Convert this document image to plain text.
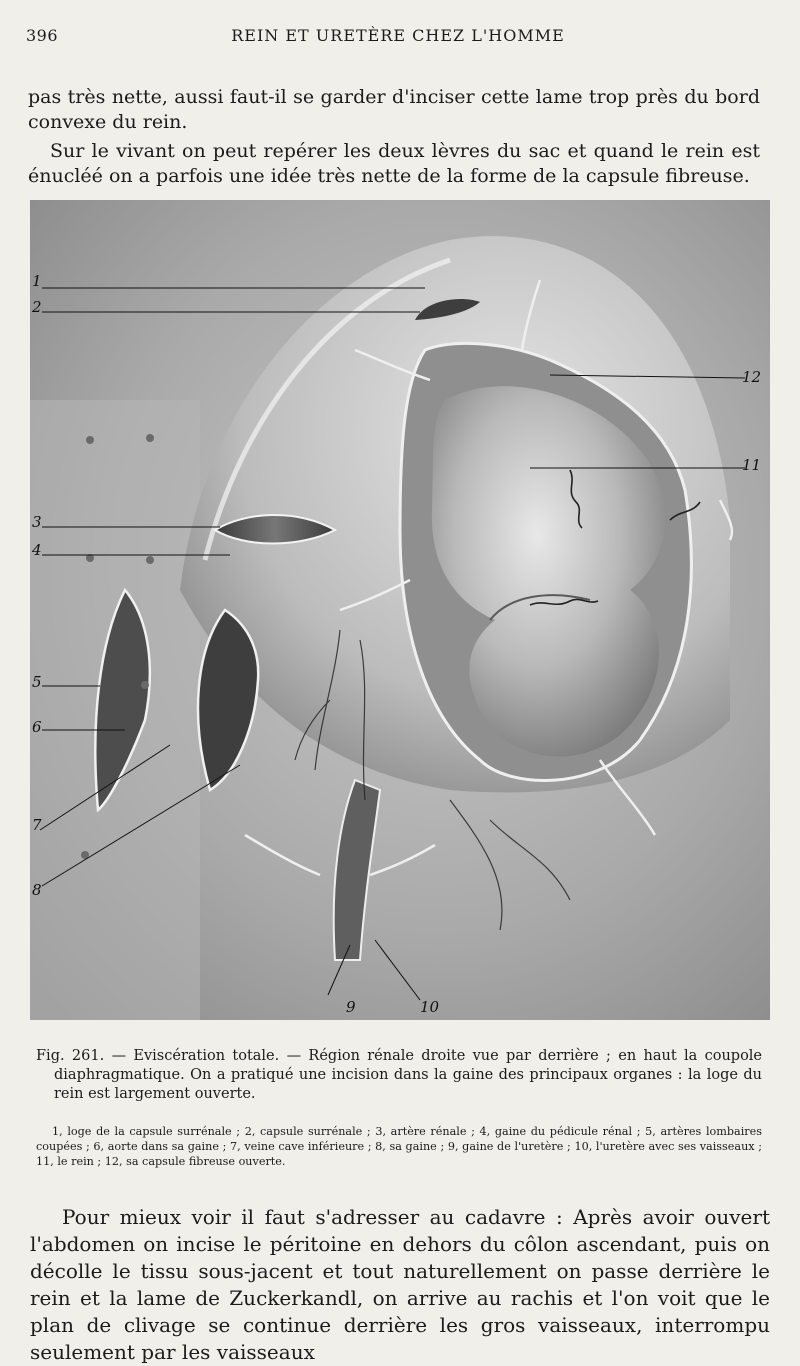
396	REIN ET URETÈRE CHEZ L'HOMME

pas très nette, aussi faut-il se garder d'inciser cette lame trop près du bord convexe du rein.

Sur le vivant on peut repérer les deux lèvres du sac et quand le rein est énucléé on a parfois une idée très nette de la forme de la capsule fibreuse.

1
2
3
4
5
6
7
8
9	10
11
12
Fig. 261. — Eviscération totale. — Région rénale droite vue par derrière ; en haut la coupole diaphragmatique. On a pratiqué une incision dans la gaine des principaux organes : la loge du rein est largement ouverte.

1, loge de la capsule surrénale ; 2, capsule surrénale ; 3, artère rénale ; 4, gaine du pédicule rénal ; 5, artères lombaires coupées ; 6, aorte dans sa gaine ; 7, veine cave inférieure ; 8, sa gaine ; 9, gaine de l'uretère ; 10, l'uretère avec ses vaisseaux ; 11, le rein ; 12, sa capsule fibreuse ouverte.

Pour mieux voir il faut s'adresser au cadavre : Après avoir ouvert l'abdomen on incise le péritoine en dehors du côlon ascendant, puis on décolle le tissu sous-jacent et tout naturellement on passe derrière le rein et la lame de Zuckerkandl, on arrive au rachis et l'on voit que le plan de clivage se continue derrière les gros vaisseaux, interrompu seulement par les vaisseaux
